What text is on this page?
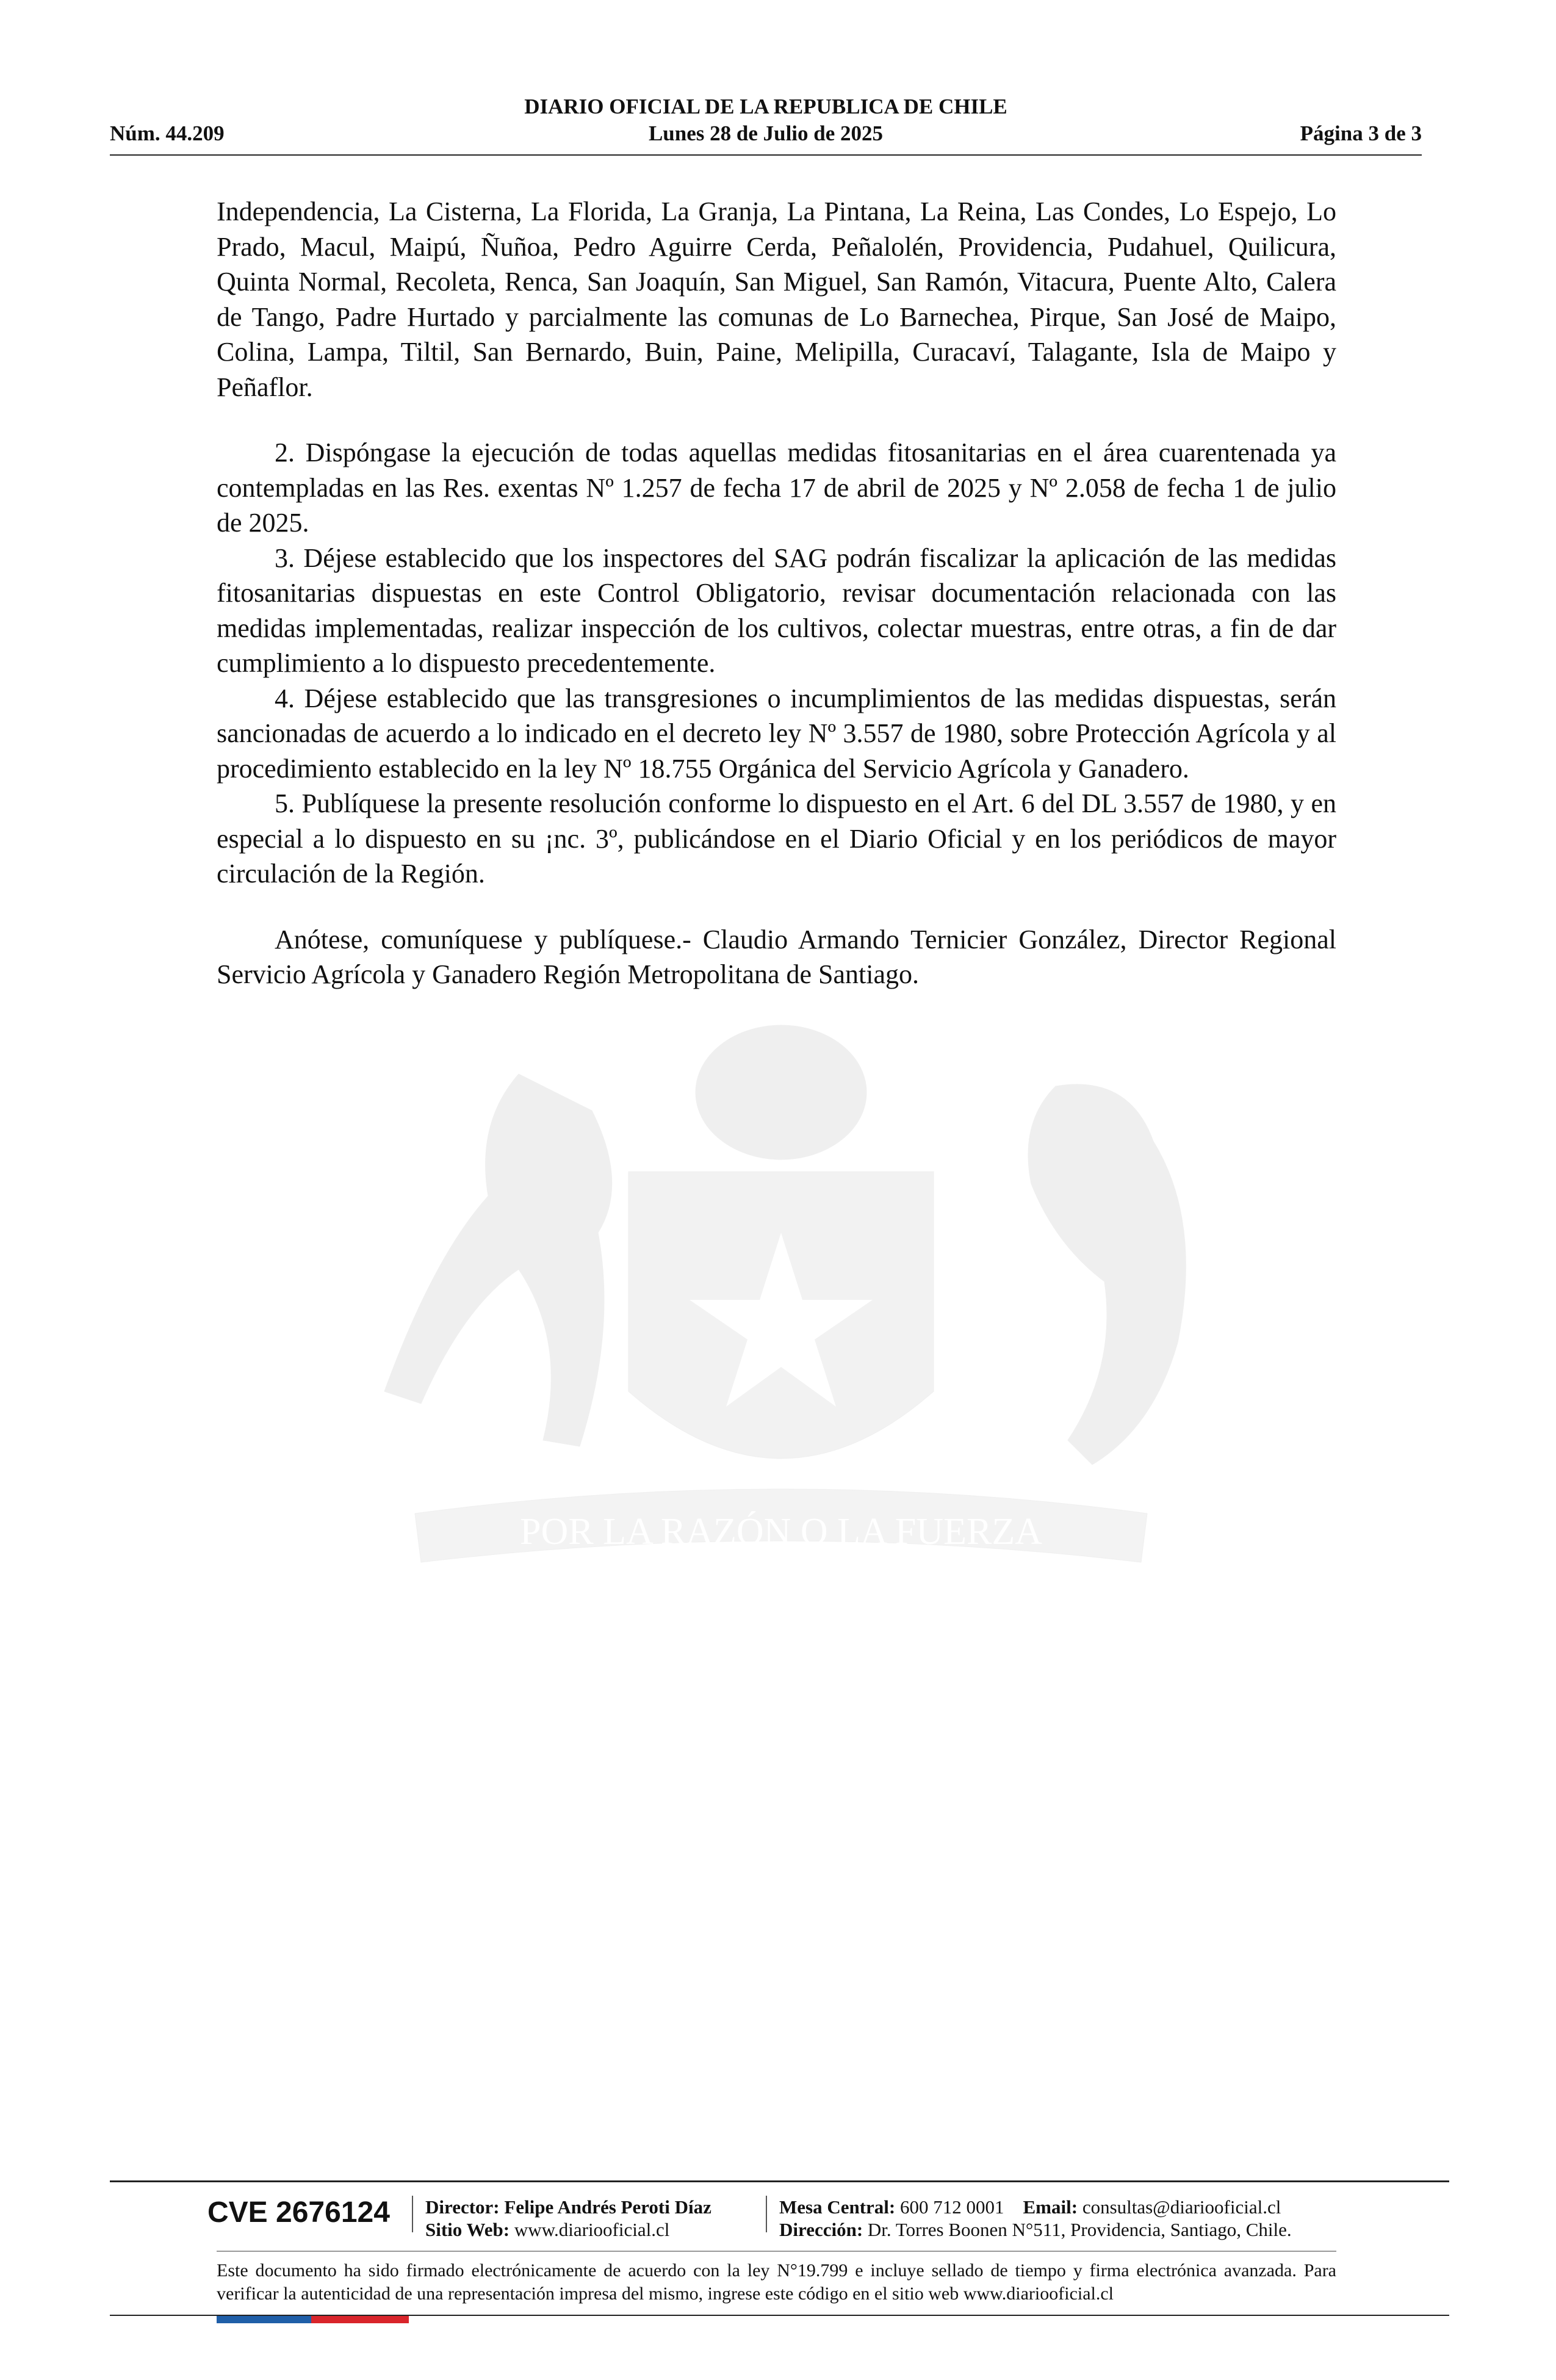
DIARIO OFICIAL DE LA REPUBLICA DE CHILE
Núm. 44.209	Lunes 28 de Julio de 2025	Página 3 de 3
POR LA RAZÓN O LA FUERZA

Independencia, La Cisterna, La Florida, La Granja, La Pintana, La Reina, Las Condes, Lo Espejo, Lo Prado, Macul, Maipú, Ñuñoa, Pedro Aguirre Cerda, Peñalolén, Providencia, Pudahuel, Quilicura, Quinta Normal, Recoleta, Renca, San Joaquín, San Miguel, San Ramón, Vitacura, Puente Alto, Calera de Tango, Padre Hurtado y parcialmente las comunas de Lo Barnechea, Pirque, San José de Maipo, Colina, Lampa, Tiltil, San Bernardo, Buin, Paine, Melipilla, Curacaví, Talagante, Isla de Maipo y Peñaflor.

2. Dispóngase la ejecución de todas aquellas medidas fitosanitarias en el área cuarentenada ya contempladas en las Res. exentas Nº 1.257 de fecha 17 de abril de 2025 y Nº 2.058 de fecha 1 de julio de 2025.

3. Déjese establecido que los inspectores del SAG podrán fiscalizar la aplicación de las medidas fitosanitarias dispuestas en este Control Obligatorio, revisar documentación relacionada con las medidas implementadas, realizar inspección de los cultivos, colectar muestras, entre otras, a fin de dar cumplimiento a lo dispuesto precedentemente.

4. Déjese establecido que las transgresiones o incumplimientos de las medidas dispuestas, serán sancionadas de acuerdo a lo indicado en el decreto ley Nº 3.557 de 1980, sobre Protección Agrícola y al procedimiento establecido en la ley Nº 18.755 Orgánica del Servicio Agrícola y Ganadero.

5. Publíquese la presente resolución conforme lo dispuesto en el Art. 6 del DL 3.557 de 1980, y en especial a lo dispuesto en su ¡nc. 3º, publicándose en el Diario Oficial y en los periódicos de mayor circulación de la Región.

Anótese, comuníquese y publíquese.- Claudio Armando Ternicier González, Director Regional Servicio Agrícola y Ganadero Región Metropolitana de Santiago.

CVE 2676124 Director: Felipe Andrés Peroti Díaz
Sitio Web: www.diariooficial.cl
Mesa Central: 600 712 0001 Email: consultas@diariooficial.cl
Dirección: Dr. Torres Boonen N°511, Providencia, Santiago, Chile.
Este documento ha sido firmado electrónicamente de acuerdo con la ley N°19.799 e incluye sellado de tiempo y firma electrónica avanzada. Para verificar la autenticidad de una representación impresa del mismo, ingrese este código en el sitio web www.diariooficial.cl
